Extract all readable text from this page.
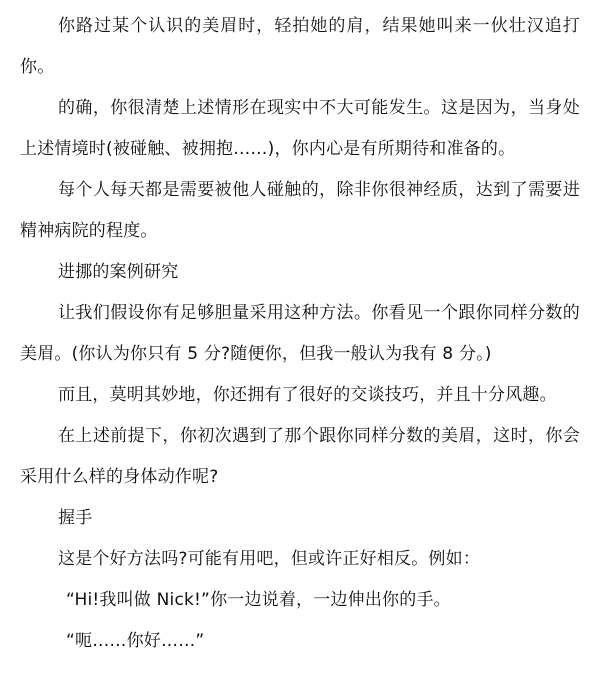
你路过某个认识的美眉时，轻拍她的肩，结果她叫来一伙壮汉追打你。

的确，你很清楚上述情形在现实中不大可能发生。这是因为，当身处上述情境时(被碰触、被拥抱……)，你内心是有所期待和准备的。

每个人每天都是需要被他人碰触的，除非你很神经质，达到了需要进精神病院的程度。

进挪的案例研究

让我们假设你有足够胆量采用这种方法。你看见一个跟你同样分数的美眉。(你认为你只有 5 分?随便你，但我一般认为我有 8 分。)

而且，莫明其妙地，你还拥有了很好的交谈技巧，并且十分风趣。

在上述前提下，你初次遇到了那个跟你同样分数的美眉，这时，你会采用什么样的身体动作呢?

握手

这是个好方法吗?可能有用吧，但或许正好相反。例如：

“Hi!我叫做 Nick!”你一边说着，一边伸出你的手。

“呃……你好……”
